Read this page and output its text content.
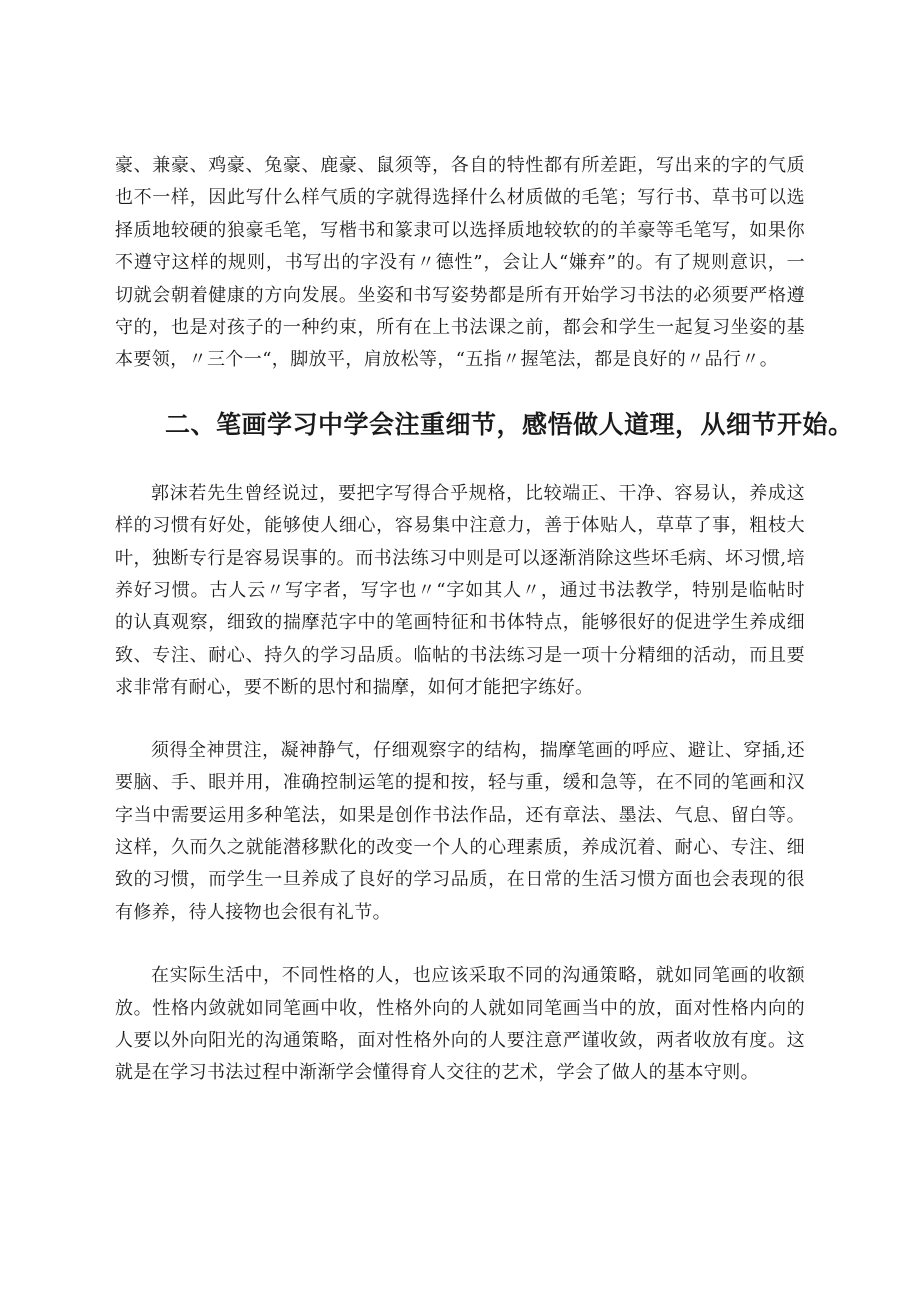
豪、兼豪、鸡豪、兔豪、鹿豪、鼠须等，各自的特性都有所差距，写出来的字的气质也不一样，因此写什么样气质的字就得选择什么材质做的毛笔；写行书、草书可以选择质地较硬的狼豪毛笔，写楷书和篆隶可以选择质地较软的的羊豪等毛笔写，如果你不遵守这样的规则，书写出的字没有〃德性”，会让人“嫌弃”的。有了规则意识，一切就会朝着健康的方向发展。坐姿和书写姿势都是所有开始学习书法的必须要严格遵守的，也是对孩子的一种约束，所有在上书法课之前，都会和学生一起复习坐姿的基本要领，〃三个一“，脚放平，肩放松等，“五指〃握笔法，都是良好的〃品行〃。

二、笔画学习中学会注重细节，感悟做人道理，从细节开始。

郭沫若先生曾经说过，要把字写得合乎规格，比较端正、干净、容易认，养成这样的习惯有好处，能够使人细心，容易集中注意力，善于体贴人，草草了事，粗枝大叶，独断专行是容易误事的。而书法练习中则是可以逐渐消除这些坏毛病、坏习惯,培养好习惯。古人云〃写字者，写字也〃“字如其人〃，通过书法教学，特别是临帖时的认真观察，细致的揣摩范字中的笔画特征和书体特点，能够很好的促进学生养成细致、专注、耐心、持久的学习品质。临帖的书法练习是一项十分精细的活动，而且要求非常有耐心，要不断的思忖和揣摩，如何才能把字练好。

须得全神贯注，凝神静气，仔细观察字的结构，揣摩笔画的呼应、避让、穿插,还要脑、手、眼并用，准确控制运笔的提和按，轻与重，缓和急等，在不同的笔画和汉字当中需要运用多种笔法，如果是创作书法作品，还有章法、墨法、气息、留白等。这样，久而久之就能潜移默化的改变一个人的心理素质，养成沉着、耐心、专注、细致的习惯，而学生一旦养成了良好的学习品质，在日常的生活习惯方面也会表现的很有修养，待人接物也会很有礼节。

在实际生活中，不同性格的人，也应该采取不同的沟通策略，就如同笔画的收额放。性格内敛就如同笔画中收，性格外向的人就如同笔画当中的放，面对性格内向的人要以外向阳光的沟通策略，面对性格外向的人要注意严谨收敛，两者收放有度。这就是在学习书法过程中渐渐学会懂得育人交往的艺术，学会了做人的基本守则。
